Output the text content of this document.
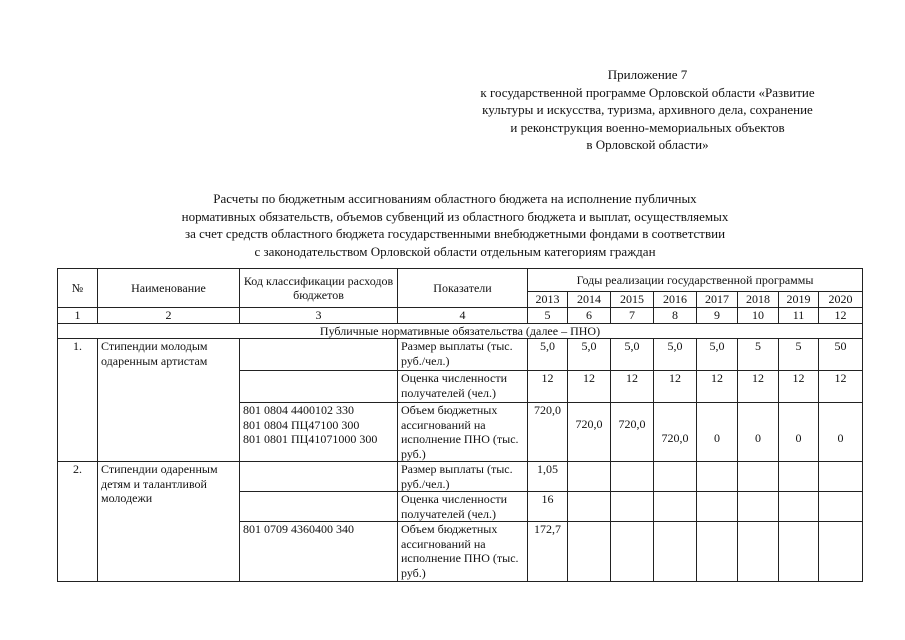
Приложение 7
к государственной программе Орловской области «Развитие
культуры и искусства, туризма, архивного дела, сохранение
и реконструкция военно-мемориальных объектов
в Орловской области»
Расчеты по бюджетным ассигнованиям областного бюджета на исполнение публичных
нормативных обязательств, объемов субвенций из областного бюджета и выплат, осуществляемых
за счет средств областного бюджета государственными внебюджетными фондами в соответствии
с законодательством Орловской области отдельным категориям граждан
№	Наименование	Код классификации расходов бюджетов	Показатели	Годы реализации государственной программы							
				2013	2014	2015	2016	2017	2018	2019	2020
1	2	3	4	5	6	7	8	9	10	11	12
Публичные нормативные обязательства (далее – ПНО)											
1.	Стипендии молодым одаренным артистам		Размер выплаты (тыс. руб./чел.)	5,0	5,0	5,0	5,0	5,0	5	5	50
			Оценка численности получателей (чел.)	12	12	12	12	12	12	12	12
		801 0804 4400102 330
801 0804 ПЦ47100 300
801 0801 ПЦ41071000 300	Объем бюджетных ассигнований на исполнение ПНО (тыс. руб.)	720,0	720,0	720,0	720,0	0	0	0	0
2.	Стипендии одаренным детям и талантливой молодежи		Размер выплаты (тыс. руб./чел.)	1,05							
			Оценка численности получателей (чел.)	16							
		801 0709 4360400 340	Объем бюджетных ассигнований на исполнение ПНО (тыс. руб.)	172,7							
